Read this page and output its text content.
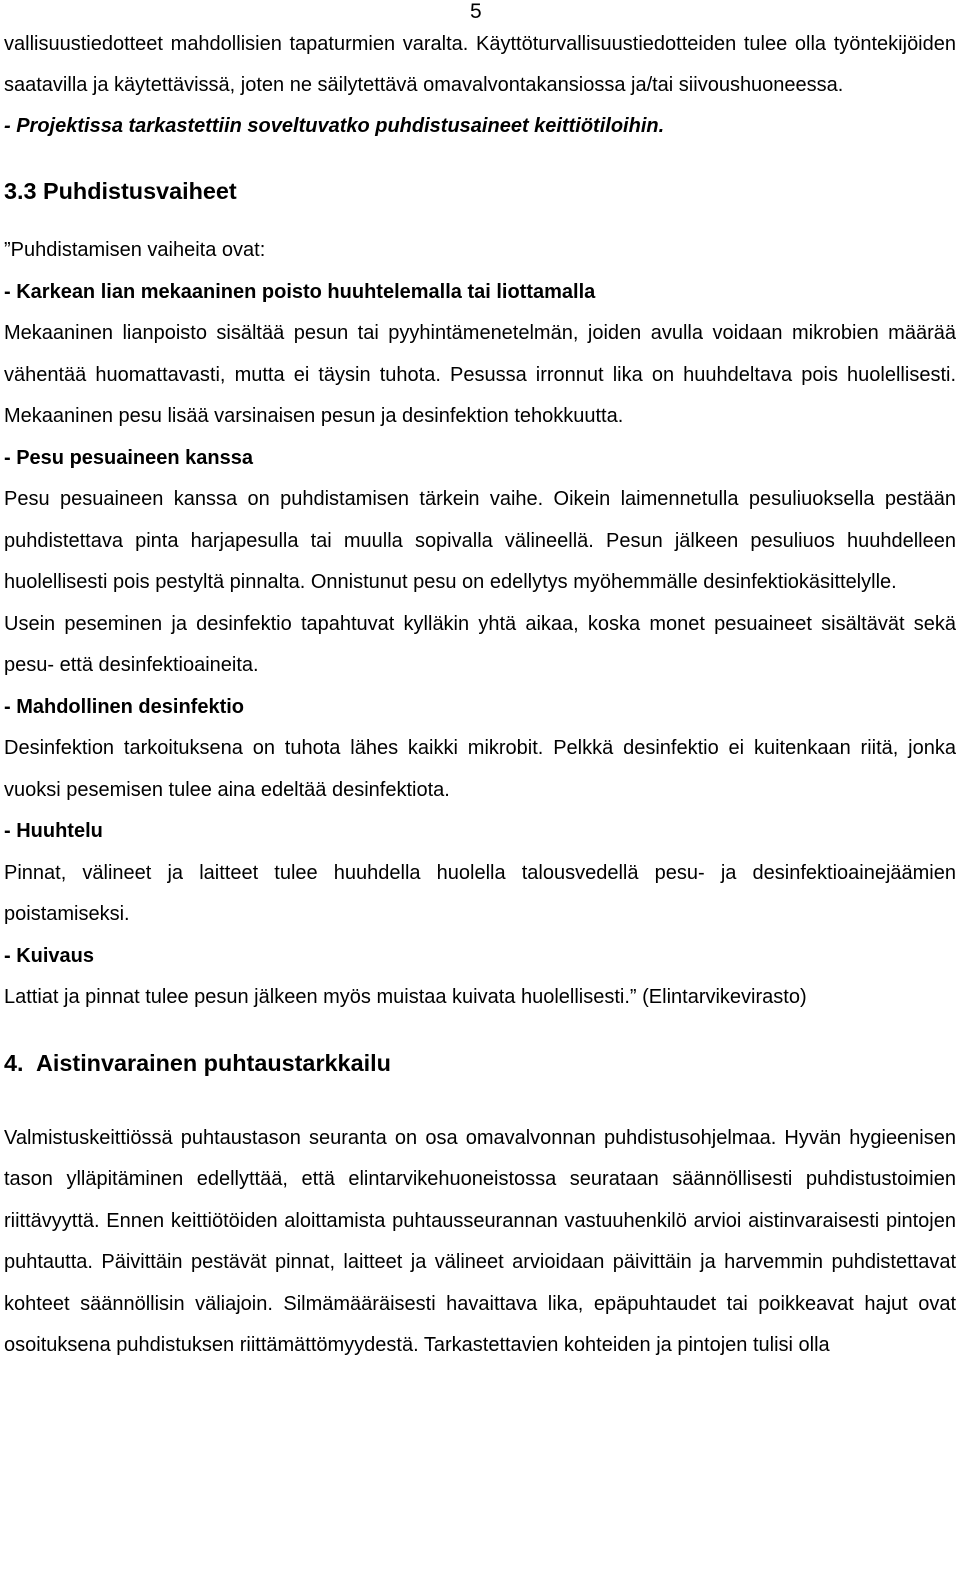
5

vallisuustiedotteet mahdollisien tapaturmien varalta. Käyttöturvallisuustiedotteiden tulee olla työntekijöiden saatavilla ja käytettävissä, joten ne säilytettävä omavalvontakansiossa ja/tai siivoushuoneessa.

- Projektissa tarkastettiin soveltuvatko puhdistusaineet keittiötiloihin.

3.3 Puhdistusvaiheet

”Puhdistamisen vaiheita ovat:

- Karkean lian mekaaninen poisto huuhtelemalla tai liottamalla

Mekaaninen lianpoisto sisältää pesun tai pyyhintämenetelmän, joiden avulla voidaan mikrobien määrää vähentää huomattavasti, mutta ei täysin tuhota. Pesussa irronnut lika on huuhdeltava pois huolellisesti. Mekaaninen pesu lisää varsinaisen pesun ja desinfektion tehokkuutta.

- Pesu pesuaineen kanssa

Pesu pesuaineen kanssa on puhdistamisen tärkein vaihe. Oikein laimennetulla pesuliuoksella pestään puhdistettava pinta harjapesulla tai muulla sopivalla välineellä. Pesun jälkeen pesuliuos huuhdelleen huolellisesti pois pestyltä pinnalta. Onnistunut pesu on edellytys myöhemmälle desinfektiokäsittelylle.

Usein peseminen ja desinfektio tapahtuvat kylläkin yhtä aikaa, koska monet pesuaineet sisältävät sekä pesu- että desinfektioaineita.

- Mahdollinen desinfektio

Desinfektion tarkoituksena on tuhota lähes kaikki mikrobit. Pelkkä desinfektio ei kuitenkaan riitä, jonka vuoksi pesemisen tulee aina edeltää desinfektiota.

- Huuhtelu

Pinnat, välineet ja laitteet tulee huuhdella huolella talousvedellä pesu- ja desinfektioainejäämien poistamiseksi.

- Kuivaus

Lattiat ja pinnat tulee pesun jälkeen myös muistaa kuivata huolellisesti.” (Elintarvikevirasto)

4. Aistinvarainen puhtaustarkkailu

Valmistuskeittiössä puhtaustason seuranta on osa omavalvonnan puhdistusohjelmaa. Hyvän hygieenisen tason ylläpitäminen edellyttää, että elintarvikehuoneistossa seurataan säännöllisesti puhdistustoimien riittävyyttä. Ennen keittiötöiden aloittamista puhtausseurannan vastuuhenkilö arvioi aistinvaraisesti pintojen puhtautta. Päivittäin pestävät pinnat, laitteet ja välineet arvioidaan päivittäin ja harvemmin puhdistettavat kohteet säännöllisin väliajoin. Silmämääräisesti havaittava lika, epäpuhtaudet tai poikkeavat hajut ovat osoituksena puhdistuksen riittämättömyydestä. Tarkastettavien kohteiden ja pintojen tulisi olla
